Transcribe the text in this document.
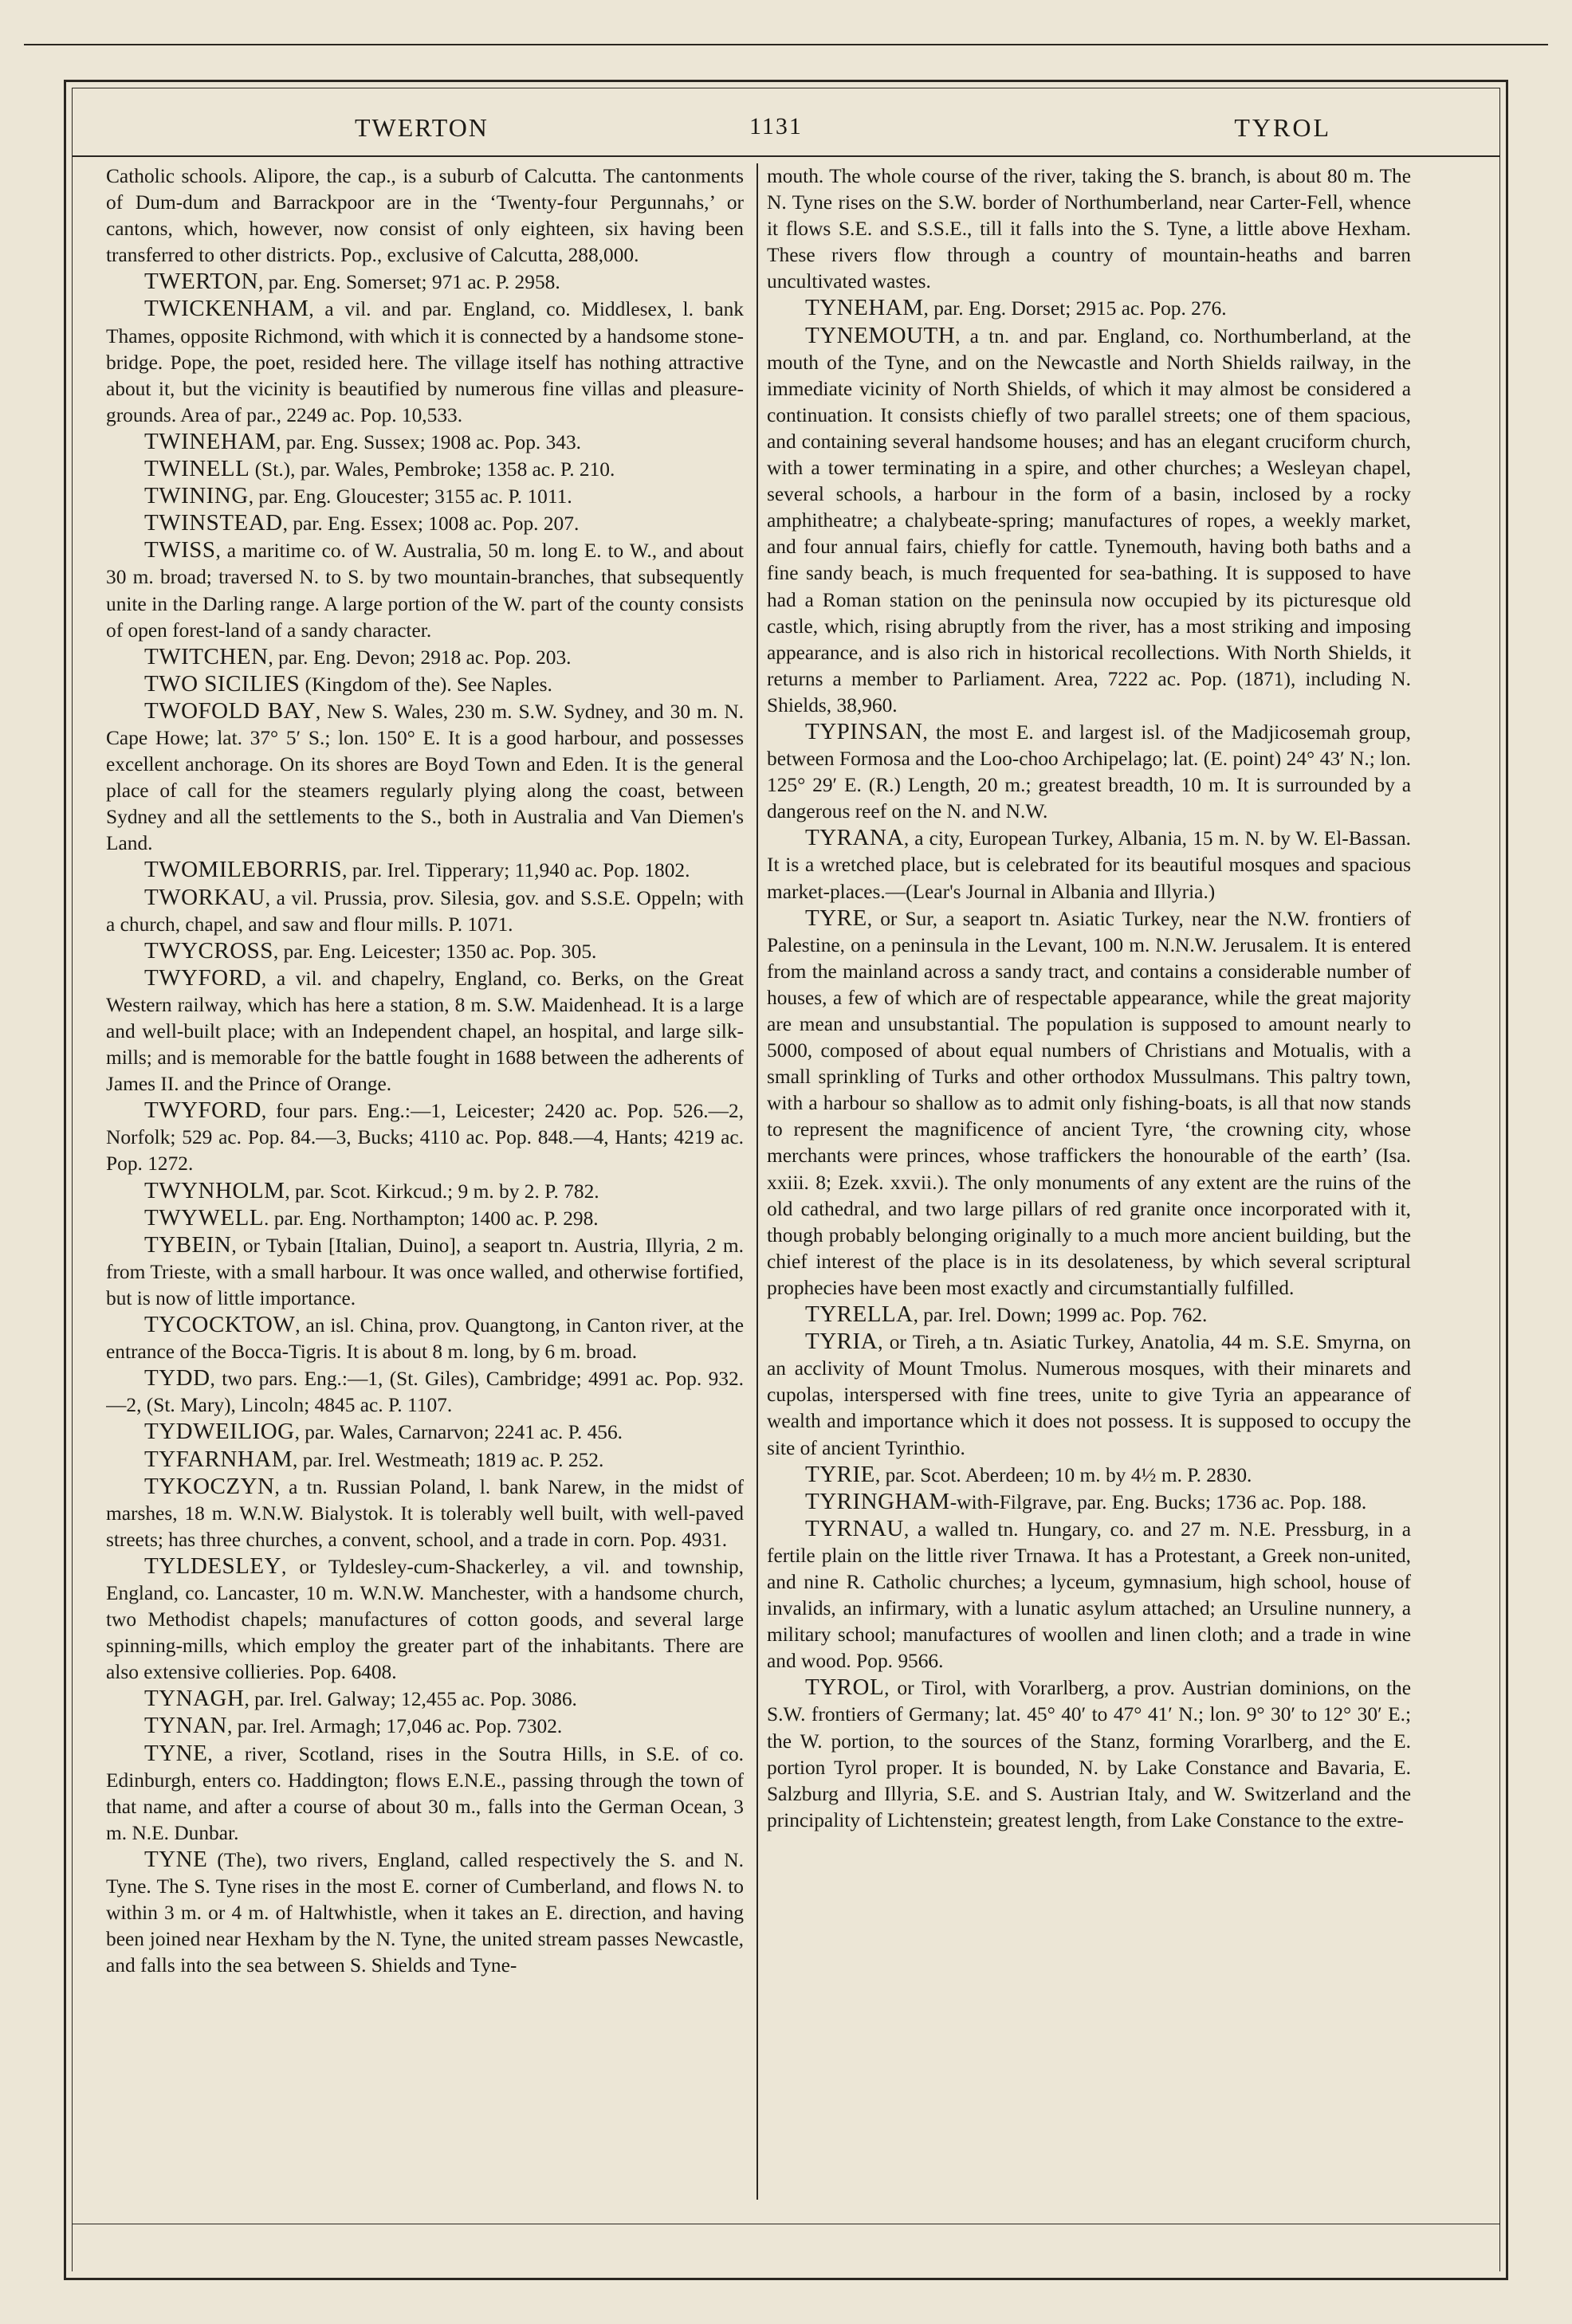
TWERTON	1131	TYROL

Catholic schools. Alipore, the cap., is a suburb of Calcutta. The cantonments of Dum-dum and Barrackpoor are in the ‘Twenty-four Pergunnahs,’ or cantons, which, however, now consist of only eighteen, six having been transferred to other districts. Pop., exclusive of Calcutta, 288,000.

TWERTON, par. Eng. Somerset; 971 ac. P. 2958.

TWICKENHAM, a vil. and par. England, co. Middlesex, l. bank Thames, opposite Richmond, with which it is connected by a handsome stone-bridge. Pope, the poet, resided here. The village itself has nothing attractive about it, but the vicinity is beautified by numerous fine villas and pleasure-grounds. Area of par., 2249 ac. Pop. 10,533.

TWINEHAM, par. Eng. Sussex; 1908 ac. Pop. 343.

TWINELL (St.), par. Wales, Pembroke; 1358 ac. P. 210.

TWINING, par. Eng. Gloucester; 3155 ac. P. 1011.

TWINSTEAD, par. Eng. Essex; 1008 ac. Pop. 207.

TWISS, a maritime co. of W. Australia, 50 m. long E. to W., and about 30 m. broad; traversed N. to S. by two mountain-branches, that subsequently unite in the Darling range. A large portion of the W. part of the county consists of open forest-land of a sandy character.

TWITCHEN, par. Eng. Devon; 2918 ac. Pop. 203.

TWO SICILIES (Kingdom of the). See Naples.

TWOFOLD BAY, New S. Wales, 230 m. S.W. Sydney, and 30 m. N. Cape Howe; lat. 37° 5′ S.; lon. 150° E. It is a good harbour, and possesses excellent anchorage. On its shores are Boyd Town and Eden. It is the general place of call for the steamers regularly plying along the coast, between Sydney and all the settlements to the S., both in Australia and Van Diemen's Land.

TWOMILEBORRIS, par. Irel. Tipperary; 11,940 ac. Pop. 1802.

TWORKAU, a vil. Prussia, prov. Silesia, gov. and S.S.E. Oppeln; with a church, chapel, and saw and flour mills. P. 1071.

TWYCROSS, par. Eng. Leicester; 1350 ac. Pop. 305.

TWYFORD, a vil. and chapelry, England, co. Berks, on the Great Western railway, which has here a station, 8 m. S.W. Maidenhead. It is a large and well-built place; with an Independent chapel, an hospital, and large silk-mills; and is memorable for the battle fought in 1688 between the adherents of James II. and the Prince of Orange.

TWYFORD, four pars. Eng.:—1, Leicester; 2420 ac. Pop. 526.—2, Norfolk; 529 ac. Pop. 84.—3, Bucks; 4110 ac. Pop. 848.—4, Hants; 4219 ac. Pop. 1272.

TWYNHOLM, par. Scot. Kirkcud.; 9 m. by 2. P. 782.

TWYWELL. par. Eng. Northampton; 1400 ac. P. 298.

TYBEIN, or Tybain [Italian, Duino], a seaport tn. Austria, Illyria, 2 m. from Trieste, with a small harbour. It was once walled, and otherwise fortified, but is now of little importance.

TYCOCKTOW, an isl. China, prov. Quangtong, in Canton river, at the entrance of the Bocca-Tigris. It is about 8 m. long, by 6 m. broad.

TYDD, two pars. Eng.:—1, (St. Giles), Cambridge; 4991 ac. Pop. 932.—2, (St. Mary), Lincoln; 4845 ac. P. 1107.

TYDWEILIOG, par. Wales, Carnarvon; 2241 ac. P. 456.

TYFARNHAM, par. Irel. Westmeath; 1819 ac. P. 252.

TYKOCZYN, a tn. Russian Poland, l. bank Narew, in the midst of marshes, 18 m. W.N.W. Bialystok. It is tolerably well built, with well-paved streets; has three churches, a convent, school, and a trade in corn. Pop. 4931.

TYLDESLEY, or Tyldesley-cum-Shackerley, a vil. and township, England, co. Lancaster, 10 m. W.N.W. Manchester, with a handsome church, two Methodist chapels; manufactures of cotton goods, and several large spinning-mills, which employ the greater part of the inhabitants. There are also extensive collieries. Pop. 6408.

TYNAGH, par. Irel. Galway; 12,455 ac. Pop. 3086.

TYNAN, par. Irel. Armagh; 17,046 ac. Pop. 7302.

TYNE, a river, Scotland, rises in the Soutra Hills, in S.E. of co. Edinburgh, enters co. Haddington; flows E.N.E., passing through the town of that name, and after a course of about 30 m., falls into the German Ocean, 3 m. N.E. Dunbar.

TYNE (The), two rivers, England, called respectively the S. and N. Tyne. The S. Tyne rises in the most E. corner of Cumberland, and flows N. to within 3 m. or 4 m. of Haltwhistle, when it takes an E. direction, and having been joined near Hexham by the N. Tyne, the united stream passes Newcastle, and falls into the sea between S. Shields and Tyne-

mouth. The whole course of the river, taking the S. branch, is about 80 m. The N. Tyne rises on the S.W. border of Northumberland, near Carter-Fell, whence it flows S.E. and S.S.E., till it falls into the S. Tyne, a little above Hexham. These rivers flow through a country of mountain-heaths and barren uncultivated wastes.

TYNEHAM, par. Eng. Dorset; 2915 ac. Pop. 276.

TYNEMOUTH, a tn. and par. England, co. Northumberland, at the mouth of the Tyne, and on the Newcastle and North Shields railway, in the immediate vicinity of North Shields, of which it may almost be considered a continuation. It consists chiefly of two parallel streets; one of them spacious, and containing several handsome houses; and has an elegant cruciform church, with a tower terminating in a spire, and other churches; a Wesleyan chapel, several schools, a harbour in the form of a basin, inclosed by a rocky amphitheatre; a chalybeate-spring; manufactures of ropes, a weekly market, and four annual fairs, chiefly for cattle. Tynemouth, having both baths and a fine sandy beach, is much frequented for sea-bathing. It is supposed to have had a Roman station on the peninsula now occupied by its picturesque old castle, which, rising abruptly from the river, has a most striking and imposing appearance, and is also rich in historical recollections. With North Shields, it returns a member to Parliament. Area, 7222 ac. Pop. (1871), including N. Shields, 38,960.

TYPINSAN, the most E. and largest isl. of the Madjicosemah group, between Formosa and the Loo-choo Archipelago; lat. (E. point) 24° 43′ N.; lon. 125° 29′ E. (R.) Length, 20 m.; greatest breadth, 10 m. It is surrounded by a dangerous reef on the N. and N.W.

TYRANA, a city, European Turkey, Albania, 15 m. N. by W. El-Bassan. It is a wretched place, but is celebrated for its beautiful mosques and spacious market-places.—(Lear's Journal in Albania and Illyria.)

TYRE, or Sur, a seaport tn. Asiatic Turkey, near the N.W. frontiers of Palestine, on a peninsula in the Levant, 100 m. N.N.W. Jerusalem. It is entered from the mainland across a sandy tract, and contains a considerable number of houses, a few of which are of respectable appearance, while the great majority are mean and unsubstantial. The population is supposed to amount nearly to 5000, composed of about equal numbers of Christians and Motualis, with a small sprinkling of Turks and other orthodox Mussulmans. This paltry town, with a harbour so shallow as to admit only fishing-boats, is all that now stands to represent the magnificence of ancient Tyre, ‘the crowning city, whose merchants were princes, whose traffickers the honourable of the earth’ (Isa. xxiii. 8; Ezek. xxvii.). The only monuments of any extent are the ruins of the old cathedral, and two large pillars of red granite once incorporated with it, though probably belonging originally to a much more ancient building, but the chief interest of the place is in its desolateness, by which several scriptural prophecies have been most exactly and circumstantially fulfilled.

TYRELLA, par. Irel. Down; 1999 ac. Pop. 762.

TYRIA, or Tireh, a tn. Asiatic Turkey, Anatolia, 44 m. S.E. Smyrna, on an acclivity of Mount Tmolus. Numerous mosques, with their minarets and cupolas, interspersed with fine trees, unite to give Tyria an appearance of wealth and importance which it does not possess. It is supposed to occupy the site of ancient Tyrinthio.

TYRIE, par. Scot. Aberdeen; 10 m. by 4½ m. P. 2830.

TYRINGHAM-with-Filgrave, par. Eng. Bucks; 1736 ac. Pop. 188.

TYRNAU, a walled tn. Hungary, co. and 27 m. N.E. Pressburg, in a fertile plain on the little river Trnawa. It has a Protestant, a Greek non-united, and nine R. Catholic churches; a lyceum, gymnasium, high school, house of invalids, an infirmary, with a lunatic asylum attached; an Ursuline nunnery, a military school; manufactures of woollen and linen cloth; and a trade in wine and wood. Pop. 9566.

TYROL, or Tirol, with Vorarlberg, a prov. Austrian dominions, on the S.W. frontiers of Germany; lat. 45° 40′ to 47° 41′ N.; lon. 9° 30′ to 12° 30′ E.; the W. portion, to the sources of the Stanz, forming Vorarlberg, and the E. portion Tyrol proper. It is bounded, N. by Lake Constance and Bavaria, E. Salzburg and Illyria, S.E. and S. Austrian Italy, and W. Switzerland and the principality of Lichtenstein; greatest length, from Lake Constance to the extre-
